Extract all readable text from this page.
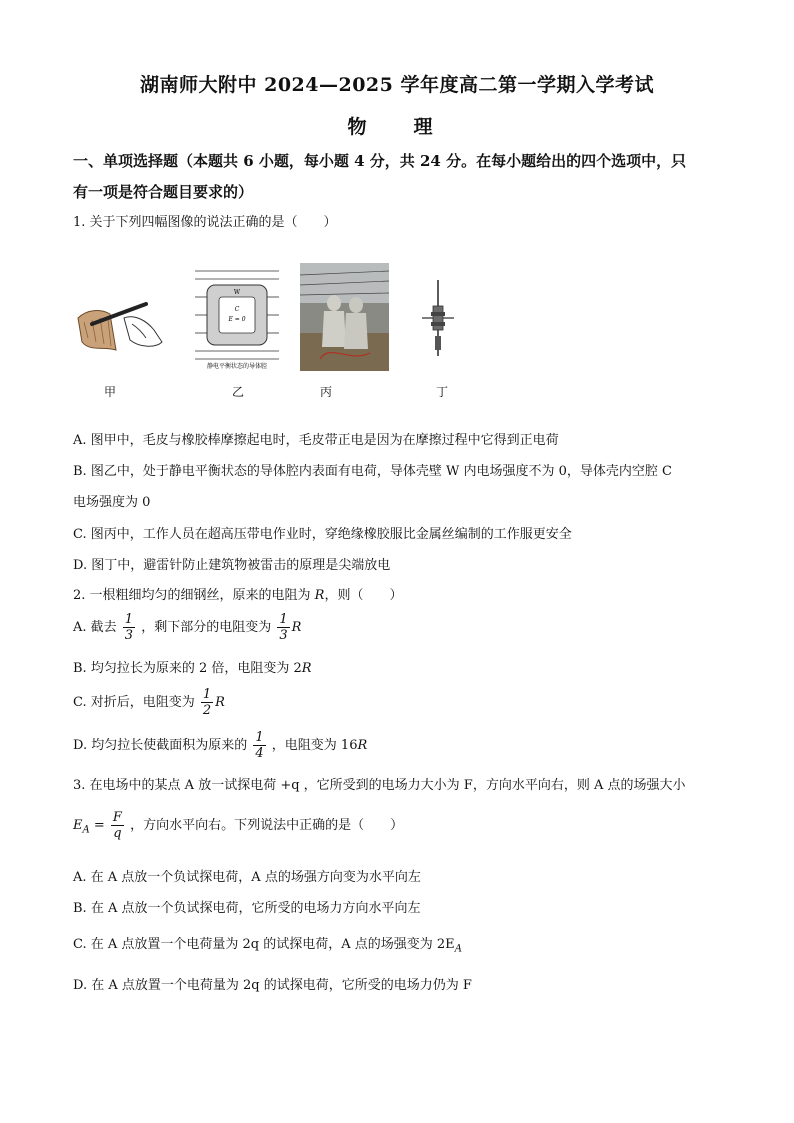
湖南师大附中 2024—2025 学年度高二第一学期入学考试
物　理
一、单项选择题（本题共 6 小题，每小题 4 分，共 24 分。在每小题给出的四个选项中，只
有一项是符合题目要求的）
1. 关于下列四幅图像的说法正确的是（　　）
W
C
E = 0
静电平衡状态的导体腔
甲	乙	丙	丁
A. 图甲中，毛皮与橡胶棒摩擦起电时，毛皮带正电是因为在摩擦过程中它得到正电荷
B. 图乙中，处于静电平衡状态的导体腔内表面有电荷，导体壳壁 W 内电场强度不为 0，导体壳内空腔 C
电场强度为 0
C. 图丙中，工作人员在超高压带电作业时，穿绝缘橡胶服比金属丝编制的工作服更安全
D. 图丁中，避雷针防止建筑物被雷击的原理是尖端放电
2. 一根粗细均匀的细钢丝，原来的电阻为 R，则（　　）
A. 截去 $\frac{1}{3}$ ，剩下部分的电阻变为 $\frac{1}{3}$ R
B. 均匀拉长为原来的 2 倍，电阻变为 2R
C. 对折后，电阻变为 $\frac{1}{2}$ R
D. 均匀拉长使截面积为原来的 $\frac{1}{4}$ ，电阻变为 16R
3. 在电场中的某点 A 放一试探电荷 +q ，它所受到的电场力大小为 F，方向水平向右，则 A 点的场强大小
$E_A = \frac{F}{q}$ ，方向水平向右。下列说法中正确的是（　　）
A. 在 A 点放一个负试探电荷，A 点的场强方向变为水平向左
B. 在 A 点放一个负试探电荷，它所受的电场力方向水平向左
C. 在 A 点放置一个电荷量为 2q 的试探电荷，A 点的场强变为 $2E_A$
D. 在 A 点放置一个电荷量为 2q 的试探电荷，它所受的电场力仍为 F
